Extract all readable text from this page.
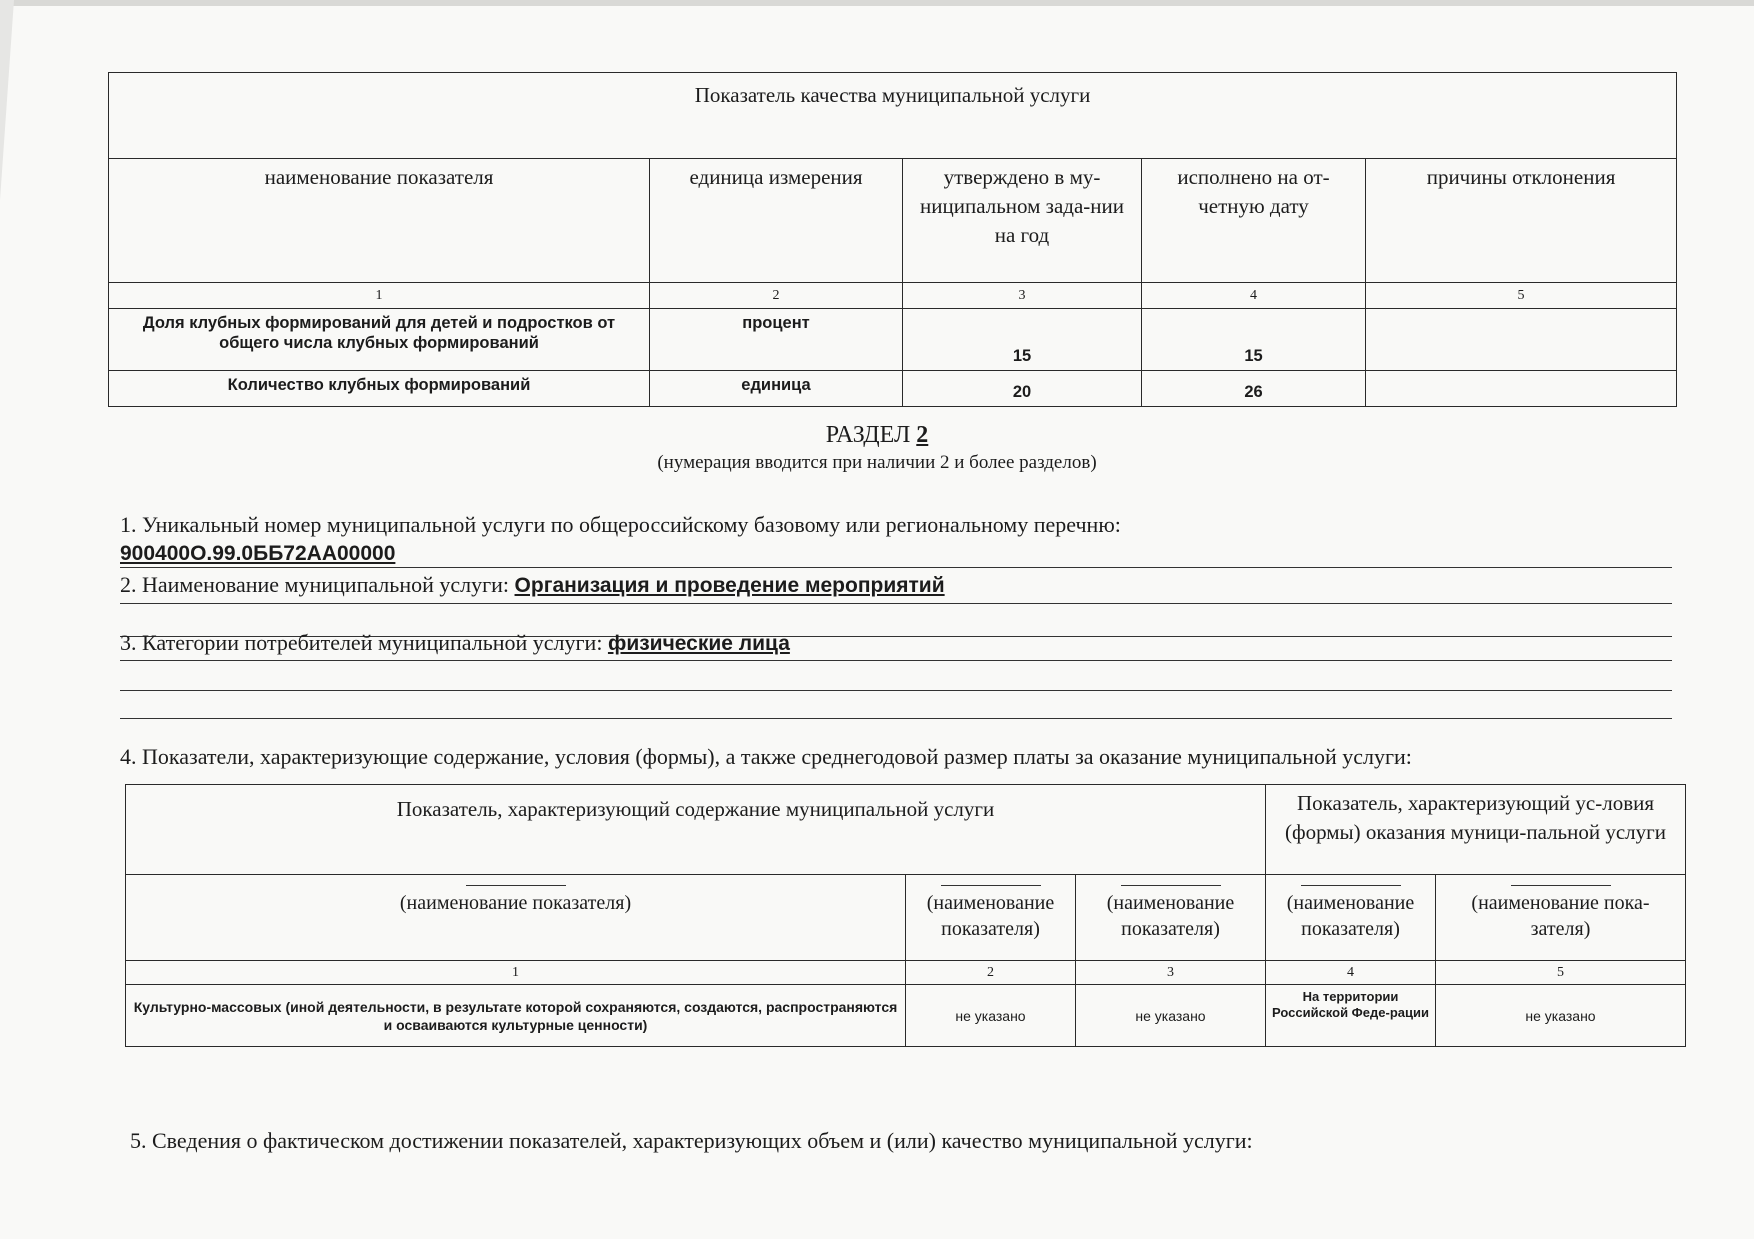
Показатель качества муниципальной услуги				
наименование показателя	единица измерения	утверждено в му-ниципальном зада-нии на год	исполнено на от-четную дату	причины отклонения
1	2	3	4	5
Доля клубных формирований для детей и подростков от общего числа клубных формирований	процент	15	15	
Количество клубных формирований	единица	20	26	
РАЗДЕЛ 2
(нумерация вводится при наличии 2 и более разделов)
1. Уникальный номер муниципальной услуги по общероссийскому базовому или региональному перечню:
900400О.99.0ББ72АА00000
2. Наименование муниципальной услуги: Организация и проведение мероприятий
3. Категории потребителей муниципальной услуги: физические лица
4. Показатели, характеризующие содержание, условия (формы), а также среднегодовой размер платы за оказание муниципальной услуги:
Показатель, характеризующий содержание муниципальной услуги			Показатель, характеризующий ус-ловия (формы) оказания муници-пальной услуги	

(наименование показателя)	(наименование показателя)	(наименование показателя)	(наименование показателя)	(наименование пока-зателя)
1	2	3	4	5
Культурно-массовых (иной деятельности, в результате которой сохраняются, создаются, распространяются и осваиваются культурные ценности)	не указано	не указано	На территории Российской Феде-рации	не указано
5. Сведения о фактическом достижении показателей, характеризующих объем и (или) качество муниципальной услуги:
